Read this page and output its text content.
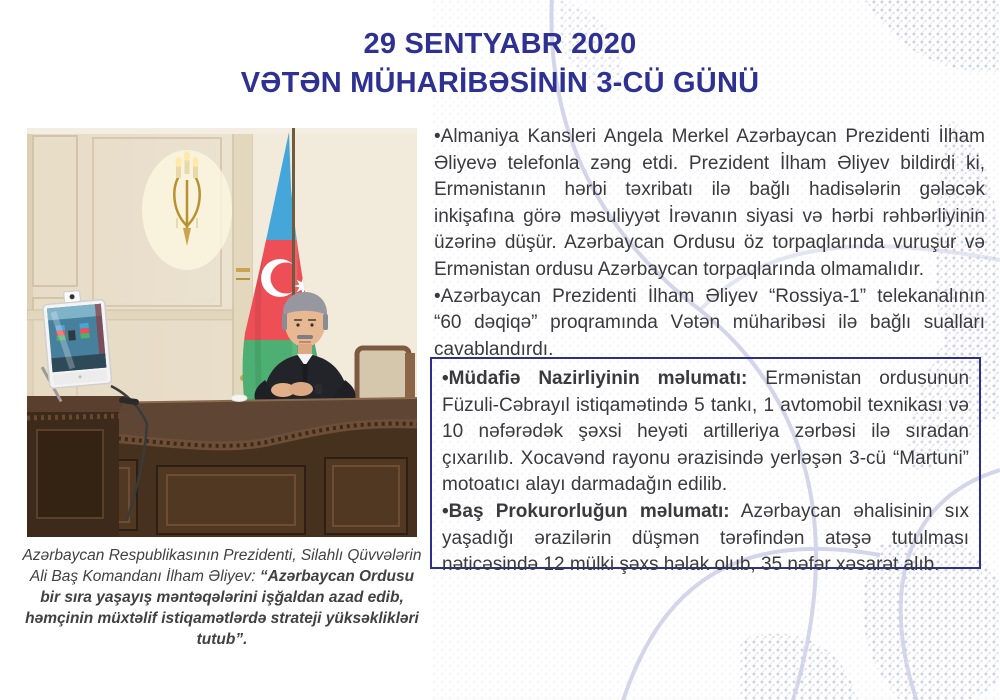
29 SENTYABR 2020
VƏTƏN MÜHARİBƏSİNİN 3-CÜ GÜNÜ
Azərbaycan Respublikasının Prezidenti, Silahlı Qüvvələrin Ali Baş Komandanı İlham Əliyev: “Azərbaycan Ordusu bir sıra yaşayış məntəqələrini işğaldan azad edib, həmçinin müxtəlif istiqamətlərdə strateji yüksəklikləri tutub”.

•Almaniya Kansleri Angela Merkel Azərbaycan Prezidenti İlham Əliyevə telefonla zəng etdi. Prezident İlham Əliyev bildirdi ki, Ermənistanın hərbi təxribatı ilə bağlı hadisələrin gələcək inkişafına görə məsuliyyət İrəvanın siyasi və hərbi rəhbərliyinin üzərinə düşür. Azərbaycan Ordusu öz torpaqlarında vuruşur və Ermənistan ordusu Azərbaycan torpaqlarında olmamalıdır.

•Azərbaycan Prezidenti İlham Əliyev “Rossiya-1” telekanalının “60 dəqiqə” proqramında Vətən müharibəsi ilə bağlı sualları cavablandırdı.

•Müdafiə Nazirliyinin məlumatı: Ermənistan ordusunun Füzuli-Cəbrayıl istiqamətində 5 tankı, 1 avtomobil texnikası və 10 nəfərədək şəxsi heyəti artilleriya zərbəsi ilə sıradan çıxarılıb. Xocavənd rayonu ərazisində yerləşən 3-cü “Martuni” motoatıcı alayı darmadağın edilib.

•Baş Prokurorluğun məlumatı: Azərbaycan əhalisinin sıx yaşadığı ərazilərin düşmən tərəfindən atəşə tutulması nəticəsində 12 mülki şəxs həlak olub, 35 nəfər xəsarət alıb.
